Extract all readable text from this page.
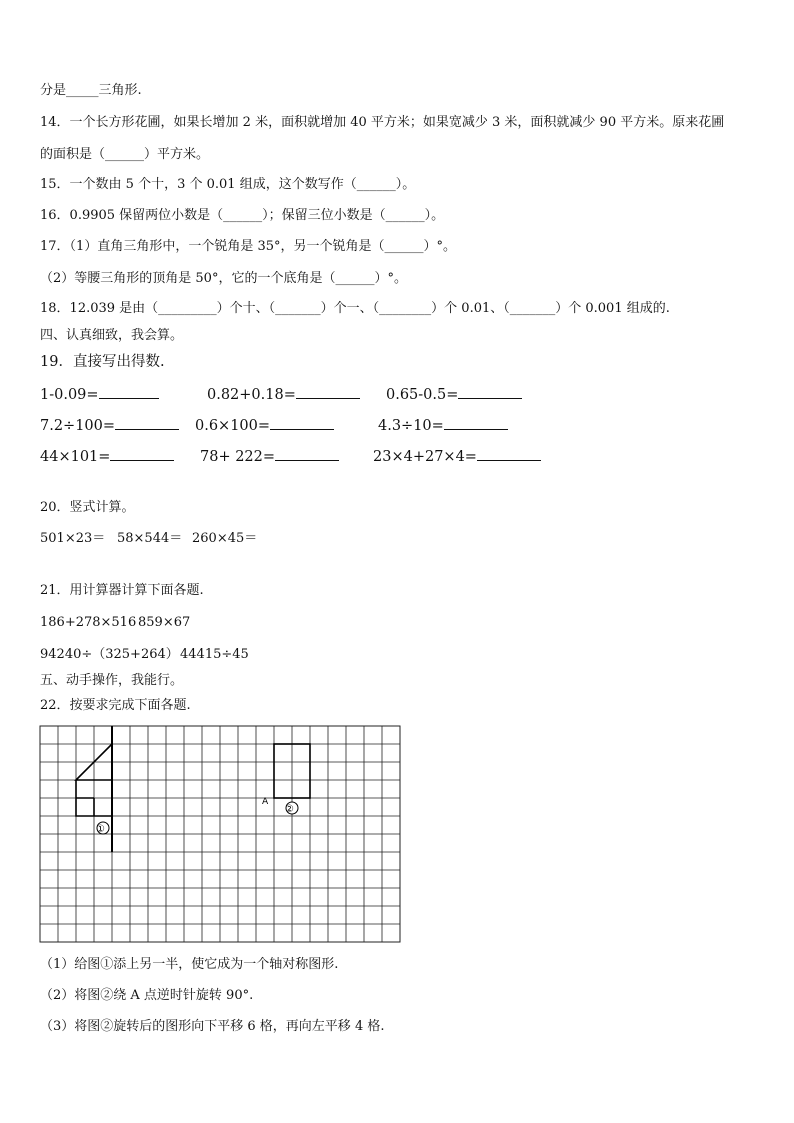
分是_____三角形.
14．一个长方形花圃，如果长增加 2 米，面积就增加 40 平方米；如果宽减少 3 米，面积就减少 90 平方米。原来花圃
的面积是（______）平方米。
15．一个数由 5 个十，3 个 0.01 组成，这个数写作（______）。
16．0.9905 保留两位小数是（______）；保留三位小数是（______）。
17．（1）直角三角形中，一个锐角是 35°，另一个锐角是（______）°。
（2）等腰三角形的顶角是 50°，它的一个底角是（______）°。
18．12.039 是由（_________）个十、（_______）个一、（________）个 0.01、（_______）个 0.001 组成的.
四、认真细致，我会算。
19．直接写出得数.
1-0.09=	0.82+0.18=	0.65-0.5=
7.2÷100=	0.6×100=	4.3÷10=
44×101=	78+ 222=	23×4+27×4=
20．竖式计算。
501×23＝ 58×544＝ 260×45＝
21．用计算器计算下面各题.
186+278×516 859×67
94240÷（325+264） 44415÷45
五、动手操作，我能行。
22．按要求完成下面各题.
A
②
①
（1）给图①添上另一半，使它成为一个轴对称图形.
（2）将图②绕 A 点逆时针旋转 90°.
（3）将图②旋转后的图形向下平移 6 格，再向左平移 4 格.
